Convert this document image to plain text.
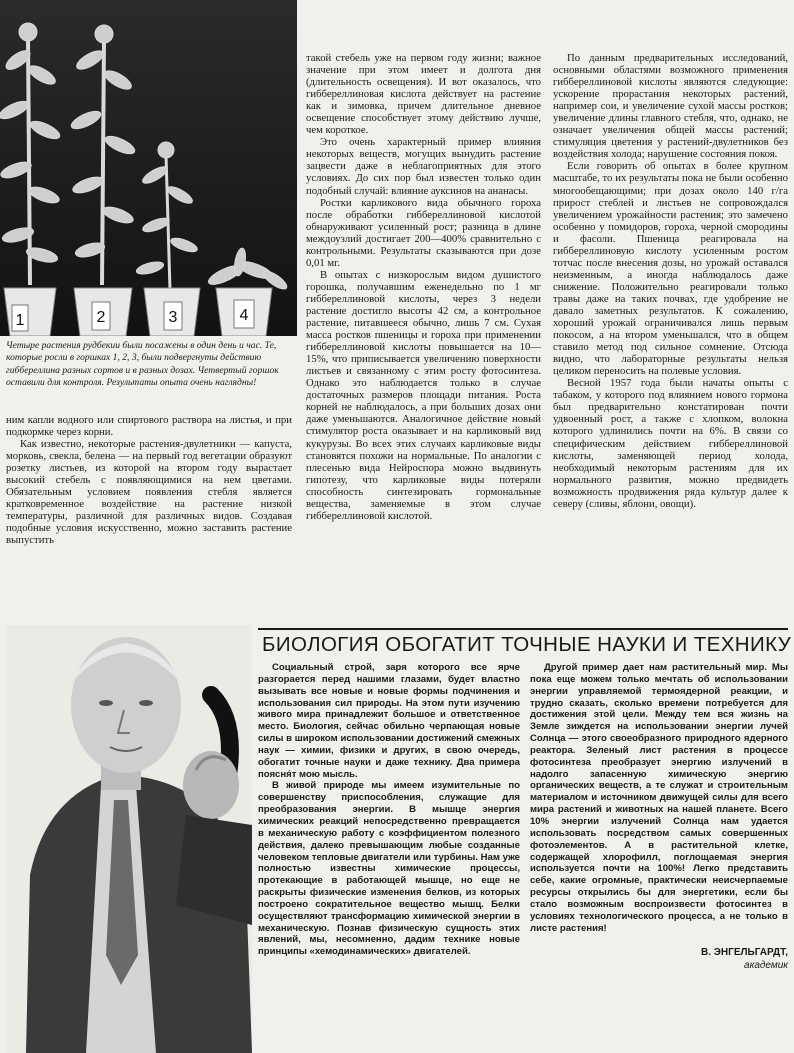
1	2	3	4
Четыре растения рудбекии были посажены в один день и час. Те, которые росли в горшках 1, 2, 3, были подвергнуты действию гиббереллина разных сортов и в разных дозах. Четвертый горшок оставили для контроля. Результаты опыта очень наглядны!

ним капли водного или спиртового раствора на листья, и при подкормке через корни.

Как известно, некоторые растения-двулетники — капуста, морковь, свекла, белена — на первый год вегетации образуют розетку листьев, из которой на втором году вырастает высокий стебель с появляющимися на нем цветами. Обязательным условием появления стебля является кратковременное воздействие на растение низкой температуры, различной для различных видов. Создавая подобные условия искусственно, можно заставить растение выпустить

такой стебель уже на первом году жизни; важное значение при этом имеет и долгота дня (длительность освещения). И вот оказалось, что гиббереллиновая кислота действует на растение как и зимовка, причем длительное дневное освещение способствует этому действию лучше, чем короткое.

Это очень характерный пример влияния некоторых веществ, могущих вынудить растение зацвести даже в неблагоприятных для этого условиях. До сих пор был известен только один подобный случай: влияние ауксинов на ананасы.

Ростки карликового вида обычного гороха после обработки гиббереллиновой кислотой обнаруживают усиленный рост; разница в длине междоузлий достигает 200—400% сравнительно с контрольными. Результаты сказываются при дозе 0,01 мг.

В опытах с низкорослым видом душистого горошка, получавшим еженедельно по 1 мг гиббереллиновой кислоты, через 3 недели растение достигло высоты 42 см, а контрольное растение, питавшееся обычно, лишь 7 см. Сухая масса ростков пшеницы и гороха при применении гиббереллиновой кислоты повышается на 10—15%, что приписывается увеличению поверхности листьев и связанному с этим росту фотосинтеза. Однако это наблюдается только в случае достаточных размеров площади питания. Роста корней не наблюдалось, а при больших дозах они даже уменьшаются. Аналогичное действие новый стимулятор роста оказывает и на карликовый вид кукурузы. Во всех этих случаях карликовые виды становятся похожи на нормальные. По аналогии с плесенью вида Нейроспора можно выдвинуть гипотезу, что карликовые виды потеряли способность синтезировать гормональные вещества, заменяемые в этом случае гиббереллиновой кислотой.

По данным предварительных исследований, основными областями возможного применения гиббереллиновой кислоты являются следующие: ускорение прорастания некоторых растений, например сои, и увеличение сухой массы ростков; увеличение длины главного стебля, что, однако, не означает увеличения общей массы растений; стимуляция цветения у растений-двулетников без воздействия холода; нарушение состояния покоя.

Если говорить об опытах в более крупном масштабе, то их результаты пока не были особенно многообещающими; при дозах около 140 г/га прирост стеблей и листьев не сопровождался увеличением урожайности растения; это замечено особенно у помидоров, гороха, черной смородины и фасоли. Пшеница реагировала на гиббереллиновую кислоту усиленным ростом тотчас после внесения дозы, но урожай оставался неизменным, а иногда наблюдалось даже снижение. Положительно реагировали только травы даже на таких почвах, где удобрение не давало заметных результатов. К сожалению, хороший урожай ограничивался лишь первым покосом, а на втором уменьшался, что в общем ставило метод под сильное сомнение. Отсюда видно, что лабораторные результаты нельзя целиком переносить на полевые условия.

Весной 1957 года были начаты опыты с табаком, у которого под влиянием нового гормона был предварительно констатирован почти удвоенный рост, а также с хлопком, волокна которого удлинились почти на 6%. В связи со специфическим действием гиббереллиновой кислоты, заменяющей период холода, необходимый некоторым растениям для их нормального развития, можно предвидеть возможность продвижения ряда культур далее к северу (сливы, яблони, овощи).

БИОЛОГИЯ ОБОГАТИТ ТОЧНЫЕ НАУКИ И ТЕХНИКУ

Социальный строй, заря которого все ярче разгорается перед нашими глазами, будет властно вызывать все новые и новые формы подчинения и использования сил природы. На этом пути изучению живого мира принадлежит большое и ответственное место. Биология, сейчас обильно черпающая новые силы в широком использовании достижений смежных наук — химии, физики и других, в свою очередь, обогатит точные науки и даже технику. Два примера поясня́т мою мысль.

В живой природе мы имеем изумительные по совершенству приспособления, служащие для преобразования энергии. В мышце энергия химических реакций непосредственно превращается в механическую работу с коэффициентом полезного действия, далеко превышающим любые созданные человеком тепловые двигатели или турбины. Нам уже полностью известны химические процессы, протекающие в работающей мышце, но еще не раскрыты физические изменения белков, из которых построено сократительное вещество мышц. Белки осуществляют трансформацию химической энергии в механическую. Познав физическую сущность этих явлений, мы, несомненно, дадим технике новые принципы «хемодинамических» двигателей.

Другой пример дает нам растительный мир. Мы пока еще можем только мечтать об использовании энергии управляемой термоядерной реакции, и трудно сказать, сколько времени потребуется для достижения этой цели. Между тем вся жизнь на Земле зиждется на использовании энергии лучей Солнца — этого своеобразного природного ядерного реактора. Зеленый лист растения в процессе фотосинтеза преобразует энергию излучений в надолго запасенную химическую энергию органических веществ, а те служат и строительным материалом и источником движущей силы для всего мира растений и животных на нашей планете. Всего 10% энергии излучений Солнца нам удается использовать посредством самых совершенных фотоэлементов. А в растительной клетке, содержащей хлорофилл, поглощаемая энергия используется почти на 100%! Легко представить себе, какие огромные, практически неисчерпаемые ресурсы открылись бы для энергетики, если бы стало возможным воспроизвести фотосинтез в условиях технологического процесса, а не только в листе растения!

В. ЭНГЕЛЬГАРДТ,
академик
